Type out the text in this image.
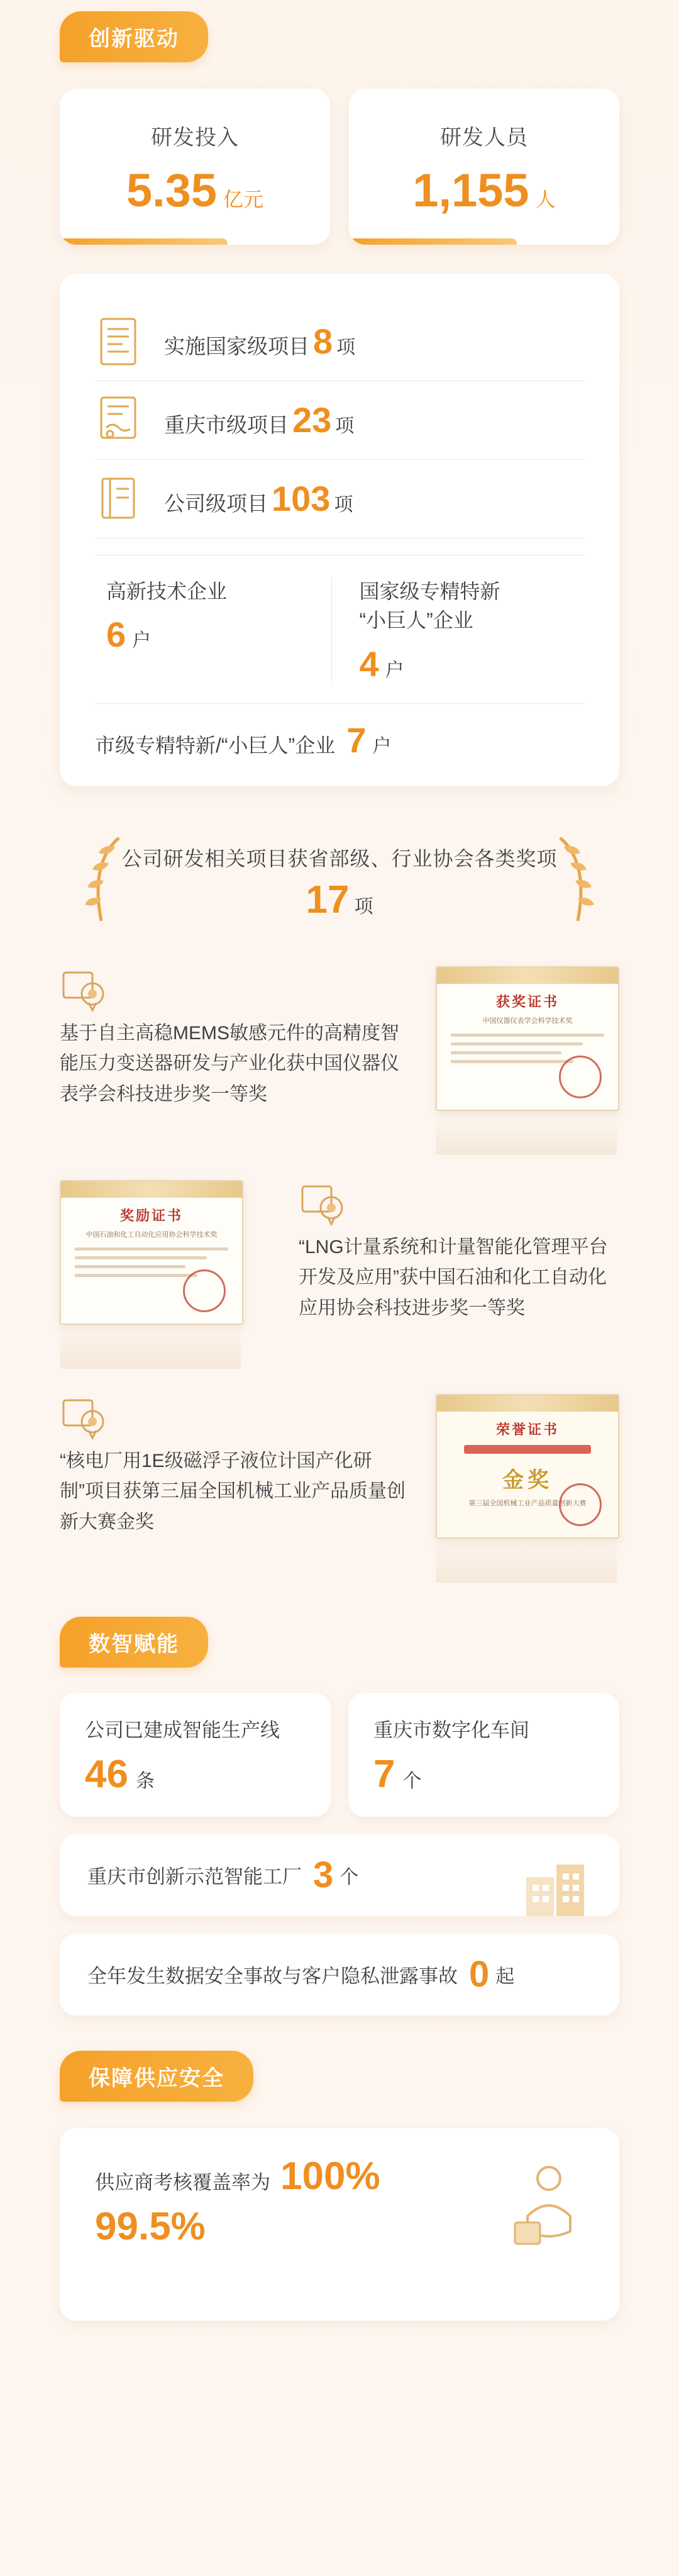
创新驱动
研发投入
5.35 亿元
研发人员
1,155 人
实施国家级项目 8 项
重庆市级项目 23 项
公司级项目 103 项
高新技术企业
6 户
国家级专精特新
“小巨人”企业
4 户
市级专精特新/“小巨人”企业 7 户
公司研发相关项目获省部级、行业协会各类奖项
17 项
基于自主高稳MEMS敏感元件的高精度智能压力变送器研发与产业化获中国仪器仪表学会科技进步奖一等奖
获奖证书
中国仪器仪表学会科学技术奖
奖励证书
中国石油和化工自动化应用协会科学技术奖
“LNG计量系统和计量智能化管理平台开发及应用”获中国石油和化工自动化应用协会科技进步奖一等奖
“核电厂用1E级磁浮子液位计国产化研制”项目获第三届全国机械工业产品质量创新大赛金奖
荣誉证书
金奖
第三届全国机械工业产品质量创新大赛
数智赋能
公司已建成智能生产线
46 条
重庆市数字化车间
7 个
重庆市创新示范智能工厂 3 个
全年发生数据安全事故与客户隐私泄露事故 0 起
保障供应安全
供应商考核覆盖率为 100%
99.5%
